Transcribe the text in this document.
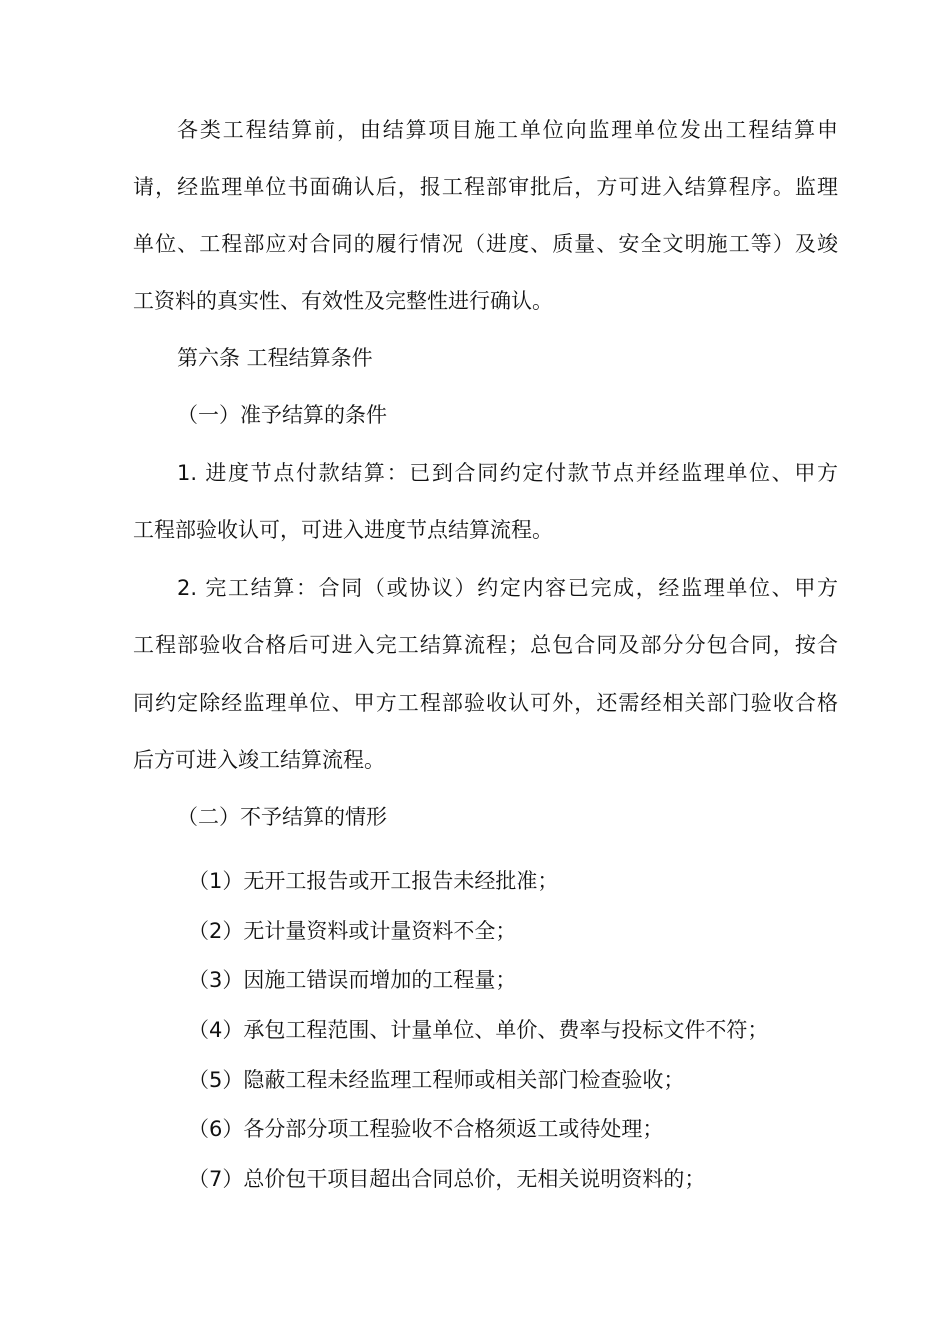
各类工程结算前，由结算项目施工单位向监理单位发出工程结算申
请，经监理单位书面确认后，报工程部审批后，方可进入结算程序。监理
单位、工程部应对合同的履行情况（进度、质量、安全文明施工等）及竣
工资料的真实性、有效性及完整性进行确认。
第六条 工程结算条件
（一）准予结算的条件
1. 进度节点付款结算：已到合同约定付款节点并经监理单位、甲方
工程部验收认可，可进入进度节点结算流程。
2. 完工结算：合同（或协议）约定内容已完成，经监理单位、甲方
工程部验收合格后可进入完工结算流程；总包合同及部分分包合同，按合
同约定除经监理单位、甲方工程部验收认可外，还需经相关部门验收合格
后方可进入竣工结算流程。
（二）不予结算的情形
（1）无开工报告或开工报告未经批准；
（2）无计量资料或计量资料不全；
（3）因施工错误而增加的工程量；
（4）承包工程范围、计量单位、单价、费率与投标文件不符；
（5）隐蔽工程未经监理工程师或相关部门检查验收；
（6）各分部分项工程验收不合格须返工或待处理；
（7）总价包干项目超出合同总价，无相关说明资料的；
